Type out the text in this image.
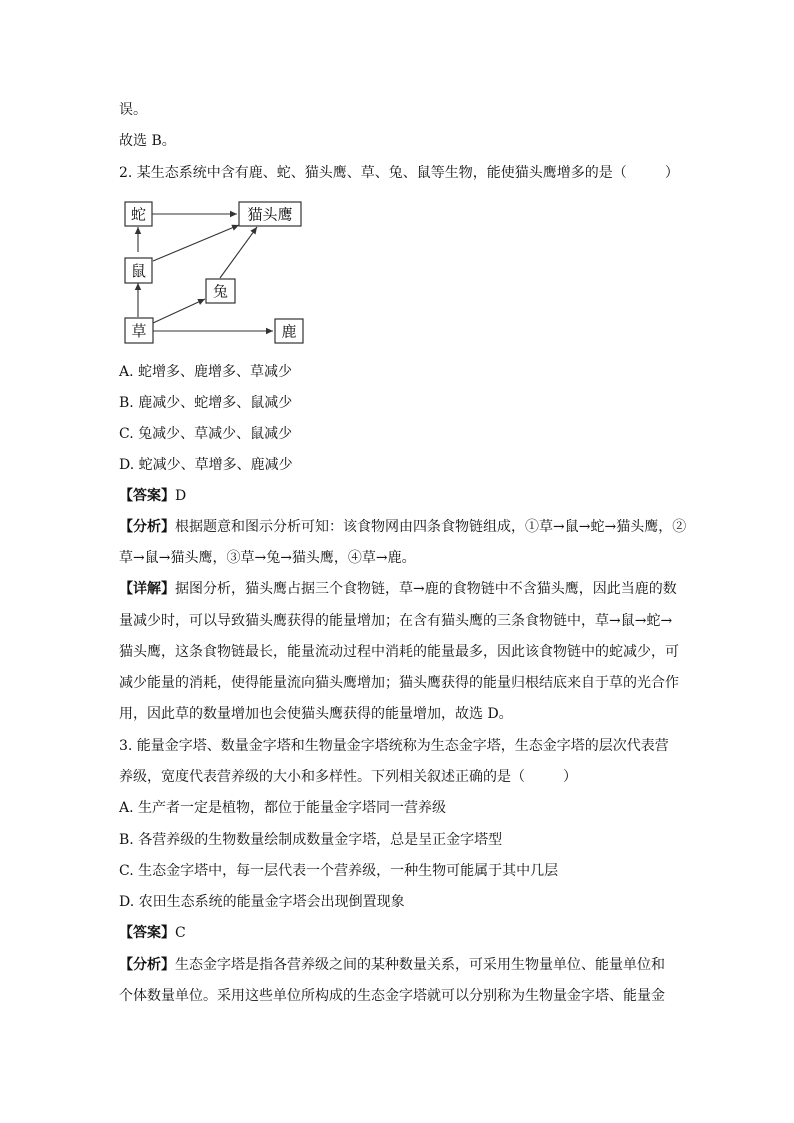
误。
故选 B。
2. 某生态系统中含有鹿、蛇、猫头鹰、草、兔、鼠等生物，能使猫头鹰增多的是（	）
蛇	猫头鹰
鼠
兔
草	鹿
A. 蛇增多、鹿增多、草减少
B. 鹿减少、蛇增多、鼠减少
C. 兔减少、草减少、鼠减少
D. 蛇减少、草增多、鹿减少
【答案】D
【分析】根据题意和图示分析可知：该食物网由四条食物链组成，①草→鼠→蛇→猫头鹰，②
草→鼠→猫头鹰，③草→兔→猫头鹰，④草→鹿。
【详解】据图分析，猫头鹰占据三个食物链，草→鹿的食物链中不含猫头鹰，因此当鹿的数
量减少时，可以导致猫头鹰获得的能量增加；在含有猫头鹰的三条食物链中，草→鼠→蛇→
猫头鹰，这条食物链最长，能量流动过程中消耗的能量最多，因此该食物链中的蛇减少，可
减少能量的消耗，使得能量流向猫头鹰增加；猫头鹰获得的能量归根结底来自于草的光合作
用，因此草的数量增加也会使猫头鹰获得的能量增加，故选 D。
3. 能量金字塔、数量金字塔和生物量金字塔统称为生态金字塔，生态金字塔的层次代表营
养级，宽度代表营养级的大小和多样性。下列相关叙述正确的是（	）
A. 生产者一定是植物，都位于能量金字塔同一营养级
B. 各营养级的生物数量绘制成数量金字塔，总是呈正金字塔型
C. 生态金字塔中，每一层代表一个营养级，一种生物可能属于其中几层
D. 农田生态系统的能量金字塔会出现倒置现象
【答案】C
【分析】生态金字塔是指各营养级之间的某种数量关系，可采用生物量单位、能量单位和
个体数量单位。采用这些单位所构成的生态金字塔就可以分别称为生物量金字塔、能量金
